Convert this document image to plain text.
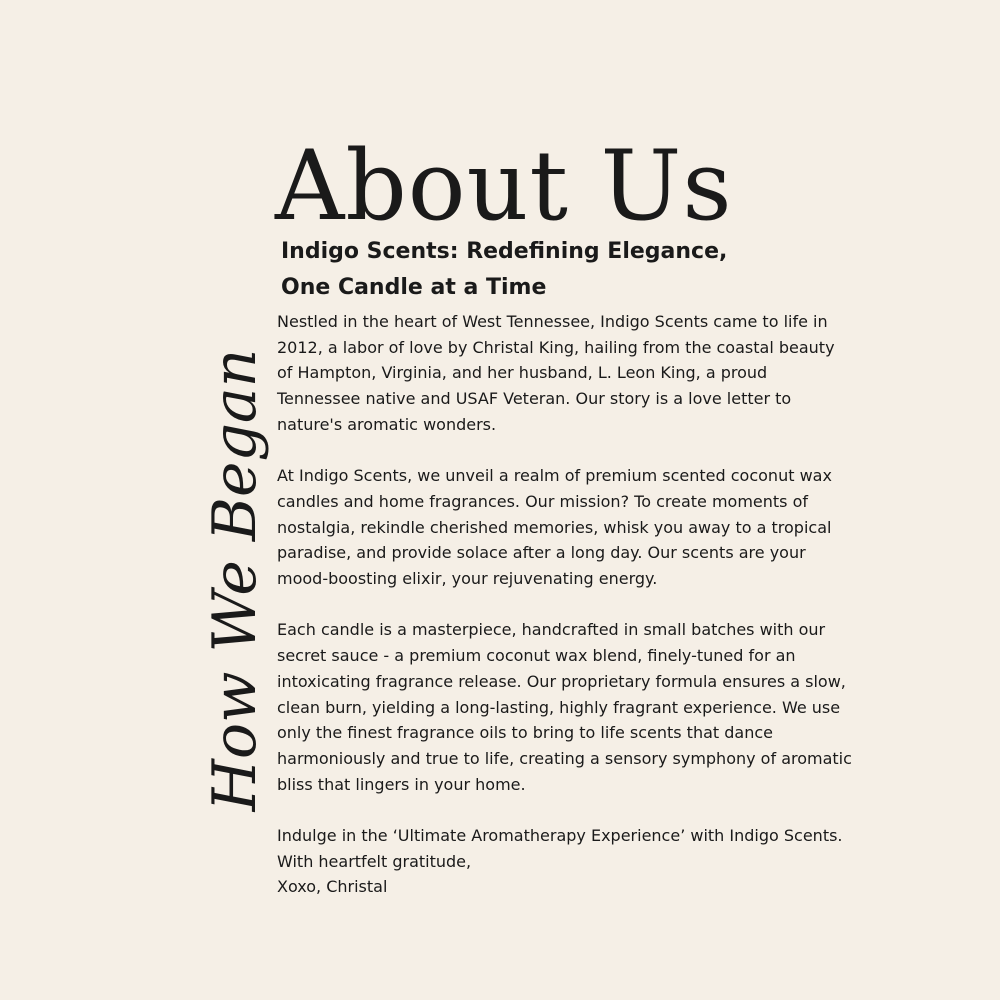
About Us
How We Began
Indigo Scents: Redefining Elegance,
One Candle at a Time

Nestled in the heart of West Tennessee, Indigo Scents came to life in 2012, a labor of love by Christal King, hailing from the coastal beauty of Hampton, Virginia, and her husband, L. Leon King, a proud Tennessee native and USAF Veteran. Our story is a love letter to nature's aromatic wonders.

At Indigo Scents, we unveil a realm of premium scented coconut wax candles and home fragrances. Our mission? To create moments of nostalgia, rekindle cherished memories, whisk you away to a tropical paradise, and provide solace after a long day. Our scents are your mood-boosting elixir, your rejuvenating energy.

Each candle is a masterpiece, handcrafted in small batches with our secret sauce - a premium coconut wax blend, finely-tuned for an intoxicating fragrance release. Our proprietary formula ensures a slow, clean burn, yielding a long-lasting, highly fragrant experience. We use only the finest fragrance oils to bring to life scents that dance harmoniously and true to life, creating a sensory symphony of aromatic bliss that lingers in your home.

Indulge in the ‘Ultimate Aromatherapy Experience’ with Indigo Scents.
With heartfelt gratitude,
Xoxo, Christal
